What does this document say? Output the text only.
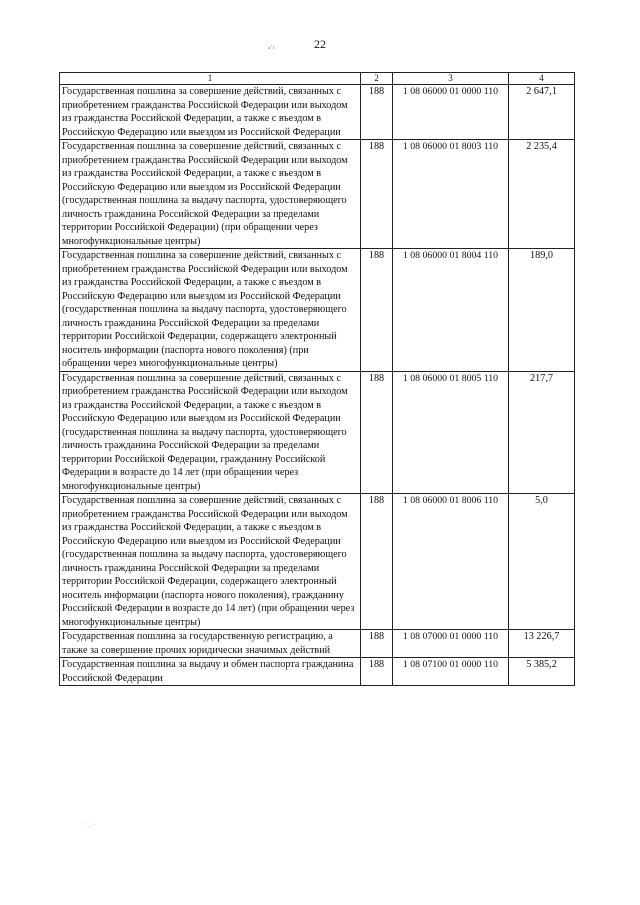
22
ᵃ˙ʳ
1	2	3	4
Государственная пошлина за совершение действий, связанных с приобретением гражданства Российской Федерации или выходом из гражданства Российской Федерации, а также с въездом в Российскую Федерацию или выездом из Российской Федерации	188	1 08 06000 01 0000 110	2 647,1
Государственная пошлина за совершение действий, связанных с приобретением гражданства Российской Федерации или выходом из гражданства Российской Федерации, а также с въездом в Российскую Федерацию или выездом из Российской Федерации (государственная пошлина за выдачу паспорта, удостоверяющего личность гражданина Российской Федерации за пределами территории Российской Федерации) (при обращении через многофункциональные центры)	188	1 08 06000 01 8003 110	2 235,4
Государственная пошлина за совершение действий, связанных с приобретением гражданства Российской Федерации или выходом из гражданства Российской Федерации, а также с въездом в Российскую Федерацию или выездом из Российской Федерации (государственная пошлина за выдачу паспорта, удостоверяющего личность гражданина Российской Федерации за пределами территории Российской Федерации, содержащего электронный носитель информации (паспорта нового поколения) (при обращении через многофункциональные центры)	188	1 08 06000 01 8004 110	189,0
Государственная пошлина за совершение действий, связанных с приобретением гражданства Российской Федерации или выходом из гражданства Российской Федерации, а также с въездом в Российскую Федерацию или выездом из Российской Федерации (государственная пошлина за выдачу паспорта, удостоверяющего личность гражданина Российской Федерации за пределами территории Российской Федерации, гражданину Российской Федерации в возрасте до 14 лет (при обращении через многофункциональные центры)	188	1 08 06000 01 8005 110	217,7
Государственная пошлина за совершение действий, связанных с приобретением гражданства Российской Федерации или выходом из гражданства Российской Федерации, а также с въездом в Российскую Федерацию или выездом из Российской Федерации (государственная пошлина за выдачу паспорта, удостоверяющего личность гражданина Российской Федерации за пределами территории Российской Федерации, содержащего электронный носитель информации (паспорта нового поколения), гражданину Российской Федерации в возрасте до 14 лет) (при обращении через многофункциональные центры)	188	1 08 06000 01 8006 110	5,0
Государственная пошлина за государственную регистрацию, а также за совершение прочих юридически значимых действий	188	1 08 07000 01 0000 110	13 226,7
Государственная пошлина за выдачу и обмен паспорта гражданина Российской Федерации	188	1 08 07100 01 0000 110	5 385,2
· ˙ . ·
